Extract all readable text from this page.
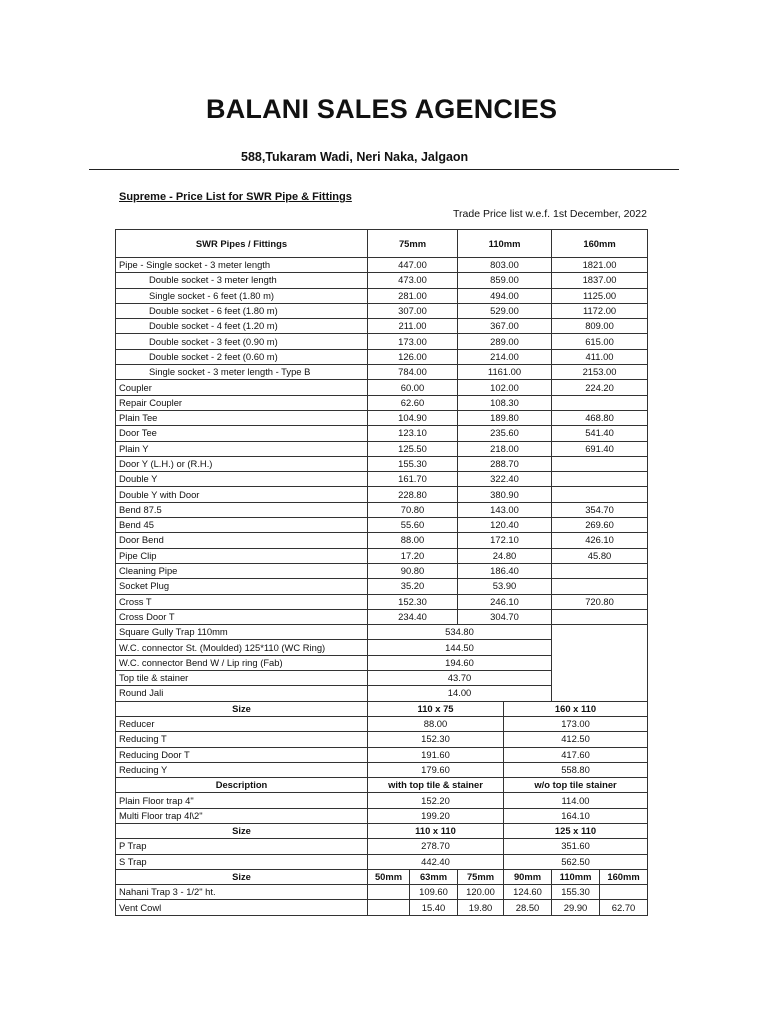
BALANI SALES AGENCIES
588,Tukaram Wadi, Neri Naka, Jalgaon
Supreme - Price List for SWR Pipe & Fittings
Trade Price list w.e.f. 1st December, 2022
SWR Pipes / Fittings	75mm		110mm		160mm	
Pipe - Single socket - 3 meter length	447.00		803.00		1821.00	
Double socket - 3 meter length	473.00		859.00		1837.00	
Single socket - 6 feet (1.80 m)	281.00		494.00		1125.00	
Double socket - 6 feet (1.80 m)	307.00		529.00		1172.00	
Double socket - 4 feet (1.20 m)	211.00		367.00		809.00	
Double socket - 3 feet (0.90 m)	173.00		289.00		615.00	
Double socket - 2 feet (0.60 m)	126.00		214.00		411.00	
Single socket - 3 meter length - Type B	784.00		1161.00		2153.00	
Coupler	60.00		102.00		224.20	
Repair Coupler	62.60		108.30			
Plain Tee	104.90		189.80		468.80	
Door Tee	123.10		235.60		541.40	
Plain Y	125.50		218.00		691.40	
Door Y (L.H.) or (R.H.)	155.30		288.70			
Double Y	161.70		322.40			
Double Y with Door	228.80		380.90			
Bend 87.5	70.80		143.00		354.70	
Bend 45	55.60		120.40		269.60	
Door Bend	88.00		172.10		426.10	
Pipe Clip	17.20		24.80		45.80	
Cleaning Pipe	90.80		186.40			
Socket Plug	35.20		53.90			
Cross T	152.30		246.10		720.80	
Cross Door T	234.40		304.70			
Square Gully Trap 110mm	534.80					
W.C. connector St. (Moulded) 125*110 (WC Ring)	144.50					
W.C. connector Bend W / Lip ring (Fab)	194.60					
Top tile & stainer	43.70					
Round Jali	14.00					
Size	110 x 75			160 x 110		
Reducer	88.00			173.00		
Reducing T	152.30			412.50		
Reducing Door T	191.60			417.60		
Reducing Y	179.60			558.80		
Description	with top tile & stainer			w/o top tile stainer		
Plain Floor trap 4"	152.20			114.00		
Multi Floor trap 4l\2"	199.20			164.10		
Size	110 x 110			125 x 110		
P Trap	278.70			351.60		
S Trap	442.40			562.50		
Size	50mm	63mm	75mm	90mm	110mm	160mm
Nahani Trap 3 - 1/2" ht.		109.60	120.00	124.60	155.30	
Vent Cowl		15.40	19.80	28.50	29.90	62.70
